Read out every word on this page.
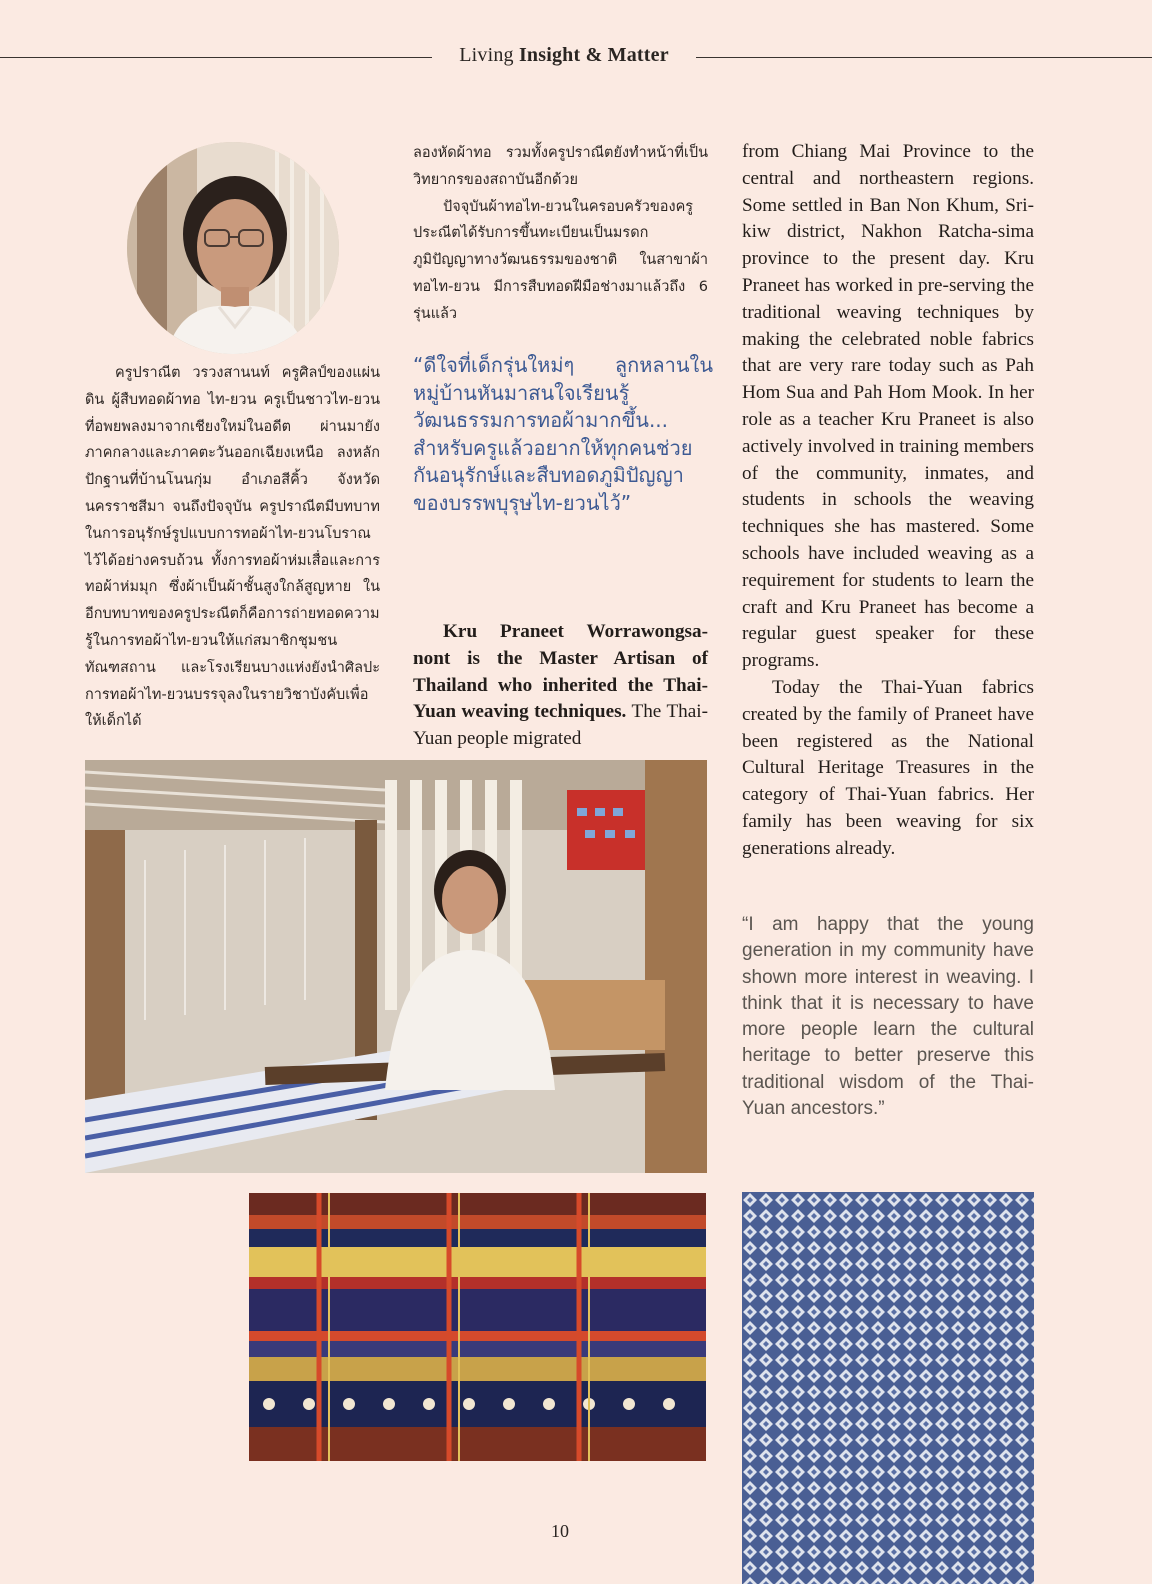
Living Insight & Matter

ครูปราณีต วรวงสานนท์ ครูศิลป์ของแผ่นดิน ผู้สืบทอดผ้าทอ ไท-ยวน ครูเป็นชาวไท-ยวน ที่อพยพลงมาจากเชียงใหม่ในอดีต ผ่านมายังภาคกลางและภาคตะวันออกเฉียงเหนือ ลงหลักปักฐานที่บ้านโนนกุ่ม อำเภอสีคิ้ว จังหวัดนครราชสีมา จนถึงปัจจุบัน ครูปราณีตมีบทบาทในการอนุรักษ์รูปแบบการทอผ้าไท-ยวนโบราณไว้ได้อย่างครบถ้วน ทั้งการทอผ้าห่มเสื่อและการทอผ้าห่มมุก ซึ่งผ้าเป็นผ้าชั้นสูงใกล้สูญหาย ในอีกบทบาทของครูประณีตก็คือการถ่ายทอดความรู้ในการทอผ้าไท-ยวนให้แก่สมาชิกชุมชน ทัณฑสถาน และโรงเรียนบางแห่งยังนำศิลปะการทอผ้าไท-ยวนบรรจุลงในรายวิชาบังคับเพื่อให้เด็กได้

ลองหัดผ้าทอ รวมทั้งครูปราณีตยังทำหน้าที่เป็นวิทยากรของสถาบันอีกด้วย

ปัจจุบันผ้าทอไท-ยวนในครอบครัวของครูประณีตได้รับการขึ้นทะเบียนเป็นมรดกภูมิปัญญาทางวัฒนธรรมของชาติ ในสาขาผ้าทอไท-ยวน มีการสืบทอดฝีมือช่างมาแล้วถึง 6 รุ่นแล้ว

“ดีใจที่เด็กรุ่นใหม่ๆ ลูกหลานในหมู่บ้านหันมาสนใจเรียนรู้วัฒนธรรมการทอผ้ามากขึ้น... สำหรับครูแล้วอยากให้ทุกคนช่วยกันอนุรักษ์และสืบทอดภูมิปัญญาของบรรพบุรุษไท-ยวนไว้”

Kru Praneet Worrawongsa-nont is the Master Artisan of Thailand who inherited the Thai-Yuan weaving techniques. The Thai-Yuan people migrated

from Chiang Mai Province to the central and northeastern regions. Some settled in Ban Non Khum, Sri-kiw district, Nakhon Ratcha-sima province to the present day. Kru Praneet has worked in pre-serving the traditional weaving techniques by making the celebrated noble fabrics that are very rare today such as Pah Hom Sua and Pah Hom Mook. In her role as a teacher Kru Praneet is also actively involved in training members of the community, inmates, and students in schools the weaving techniques she has mastered. Some schools have included weaving as a requirement for students to learn the craft and Kru Praneet has become a regular guest speaker for these programs.

Today the Thai-Yuan fabrics created by the family of Praneet have been registered as the National Cultural Heritage Treasures in the category of Thai-Yuan fabrics. Her family has been weaving for six generations already.

“I am happy that the young generation in my community have shown more interest in weaving. I think that it is necessary to have more people learn the cultural heritage to better preserve this traditional wisdom of the Thai-Yuan ancestors.”

10
